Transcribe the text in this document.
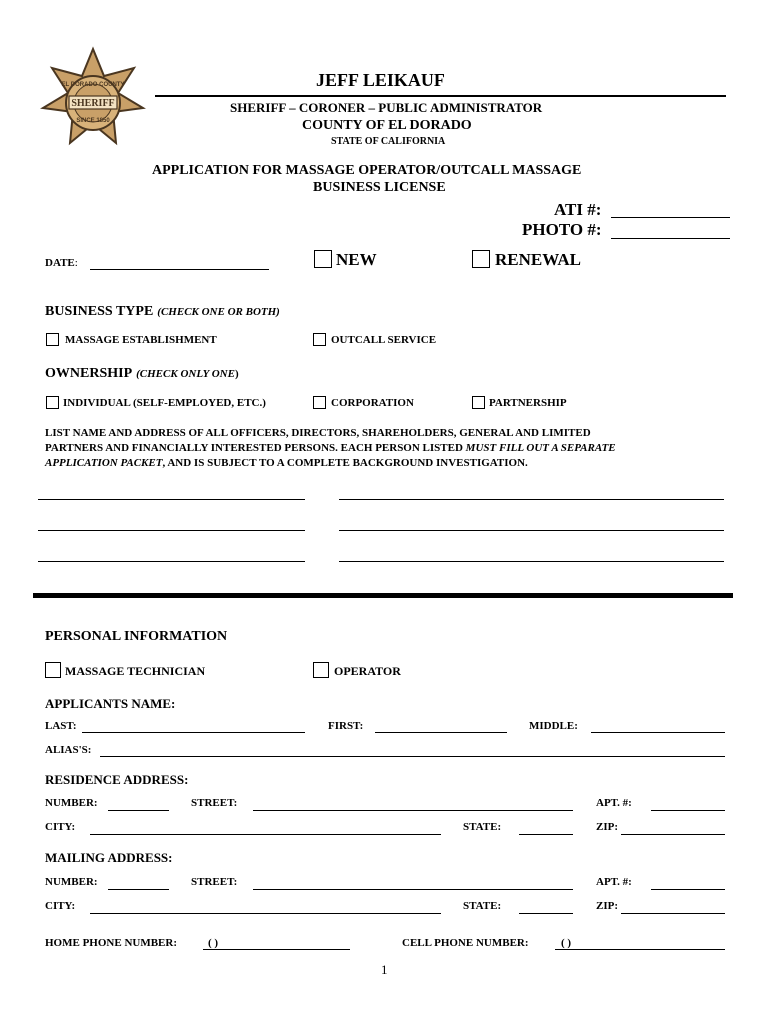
SHERIFF
EL DORADO COUNTY
SINCE 1850
JEFF LEIKAUF
SHERIFF – CORONER – PUBLIC ADMINISTRATOR
COUNTY OF EL DORADO
STATE OF CALIFORNIA
APPLICATION FOR MASSAGE OPERATOR/OUTCALL MASSAGE
BUSINESS LICENSE
ATI #:
PHOTO #:
DATE:	NEW	RENEWAL
BUSINESS TYPE (CHECK ONE OR BOTH)
MASSAGE ESTABLISHMENT	OUTCALL SERVICE
OWNERSHIP (CHECK ONLY ONE)
INDIVIDUAL (SELF-EMPLOYED, ETC.)	CORPORATION	PARTNERSHIP
LIST NAME AND ADDRESS OF ALL OFFICERS, DIRECTORS, SHAREHOLDERS, GENERAL AND LIMITED
PARTNERS AND FINANCIALLY INTERESTED PERSONS. EACH PERSON LISTED MUST FILL OUT A SEPARATE
APPLICATION PACKET, AND IS SUBJECT TO A COMPLETE BACKGROUND INVESTIGATION.
PERSONAL INFORMATION
MASSAGE TECHNICIAN	OPERATOR
APPLICANTS NAME:
LAST:	FIRST:	MIDDLE:
ALIAS'S:
RESIDENCE ADDRESS:
NUMBER:	STREET:	APT. #:
CITY:	STATE:	ZIP:
MAILING ADDRESS:
NUMBER:	STREET:	APT. #:
CITY:	STATE:	ZIP:
HOME PHONE NUMBER:	( )	CELL PHONE NUMBER:	( )
1
